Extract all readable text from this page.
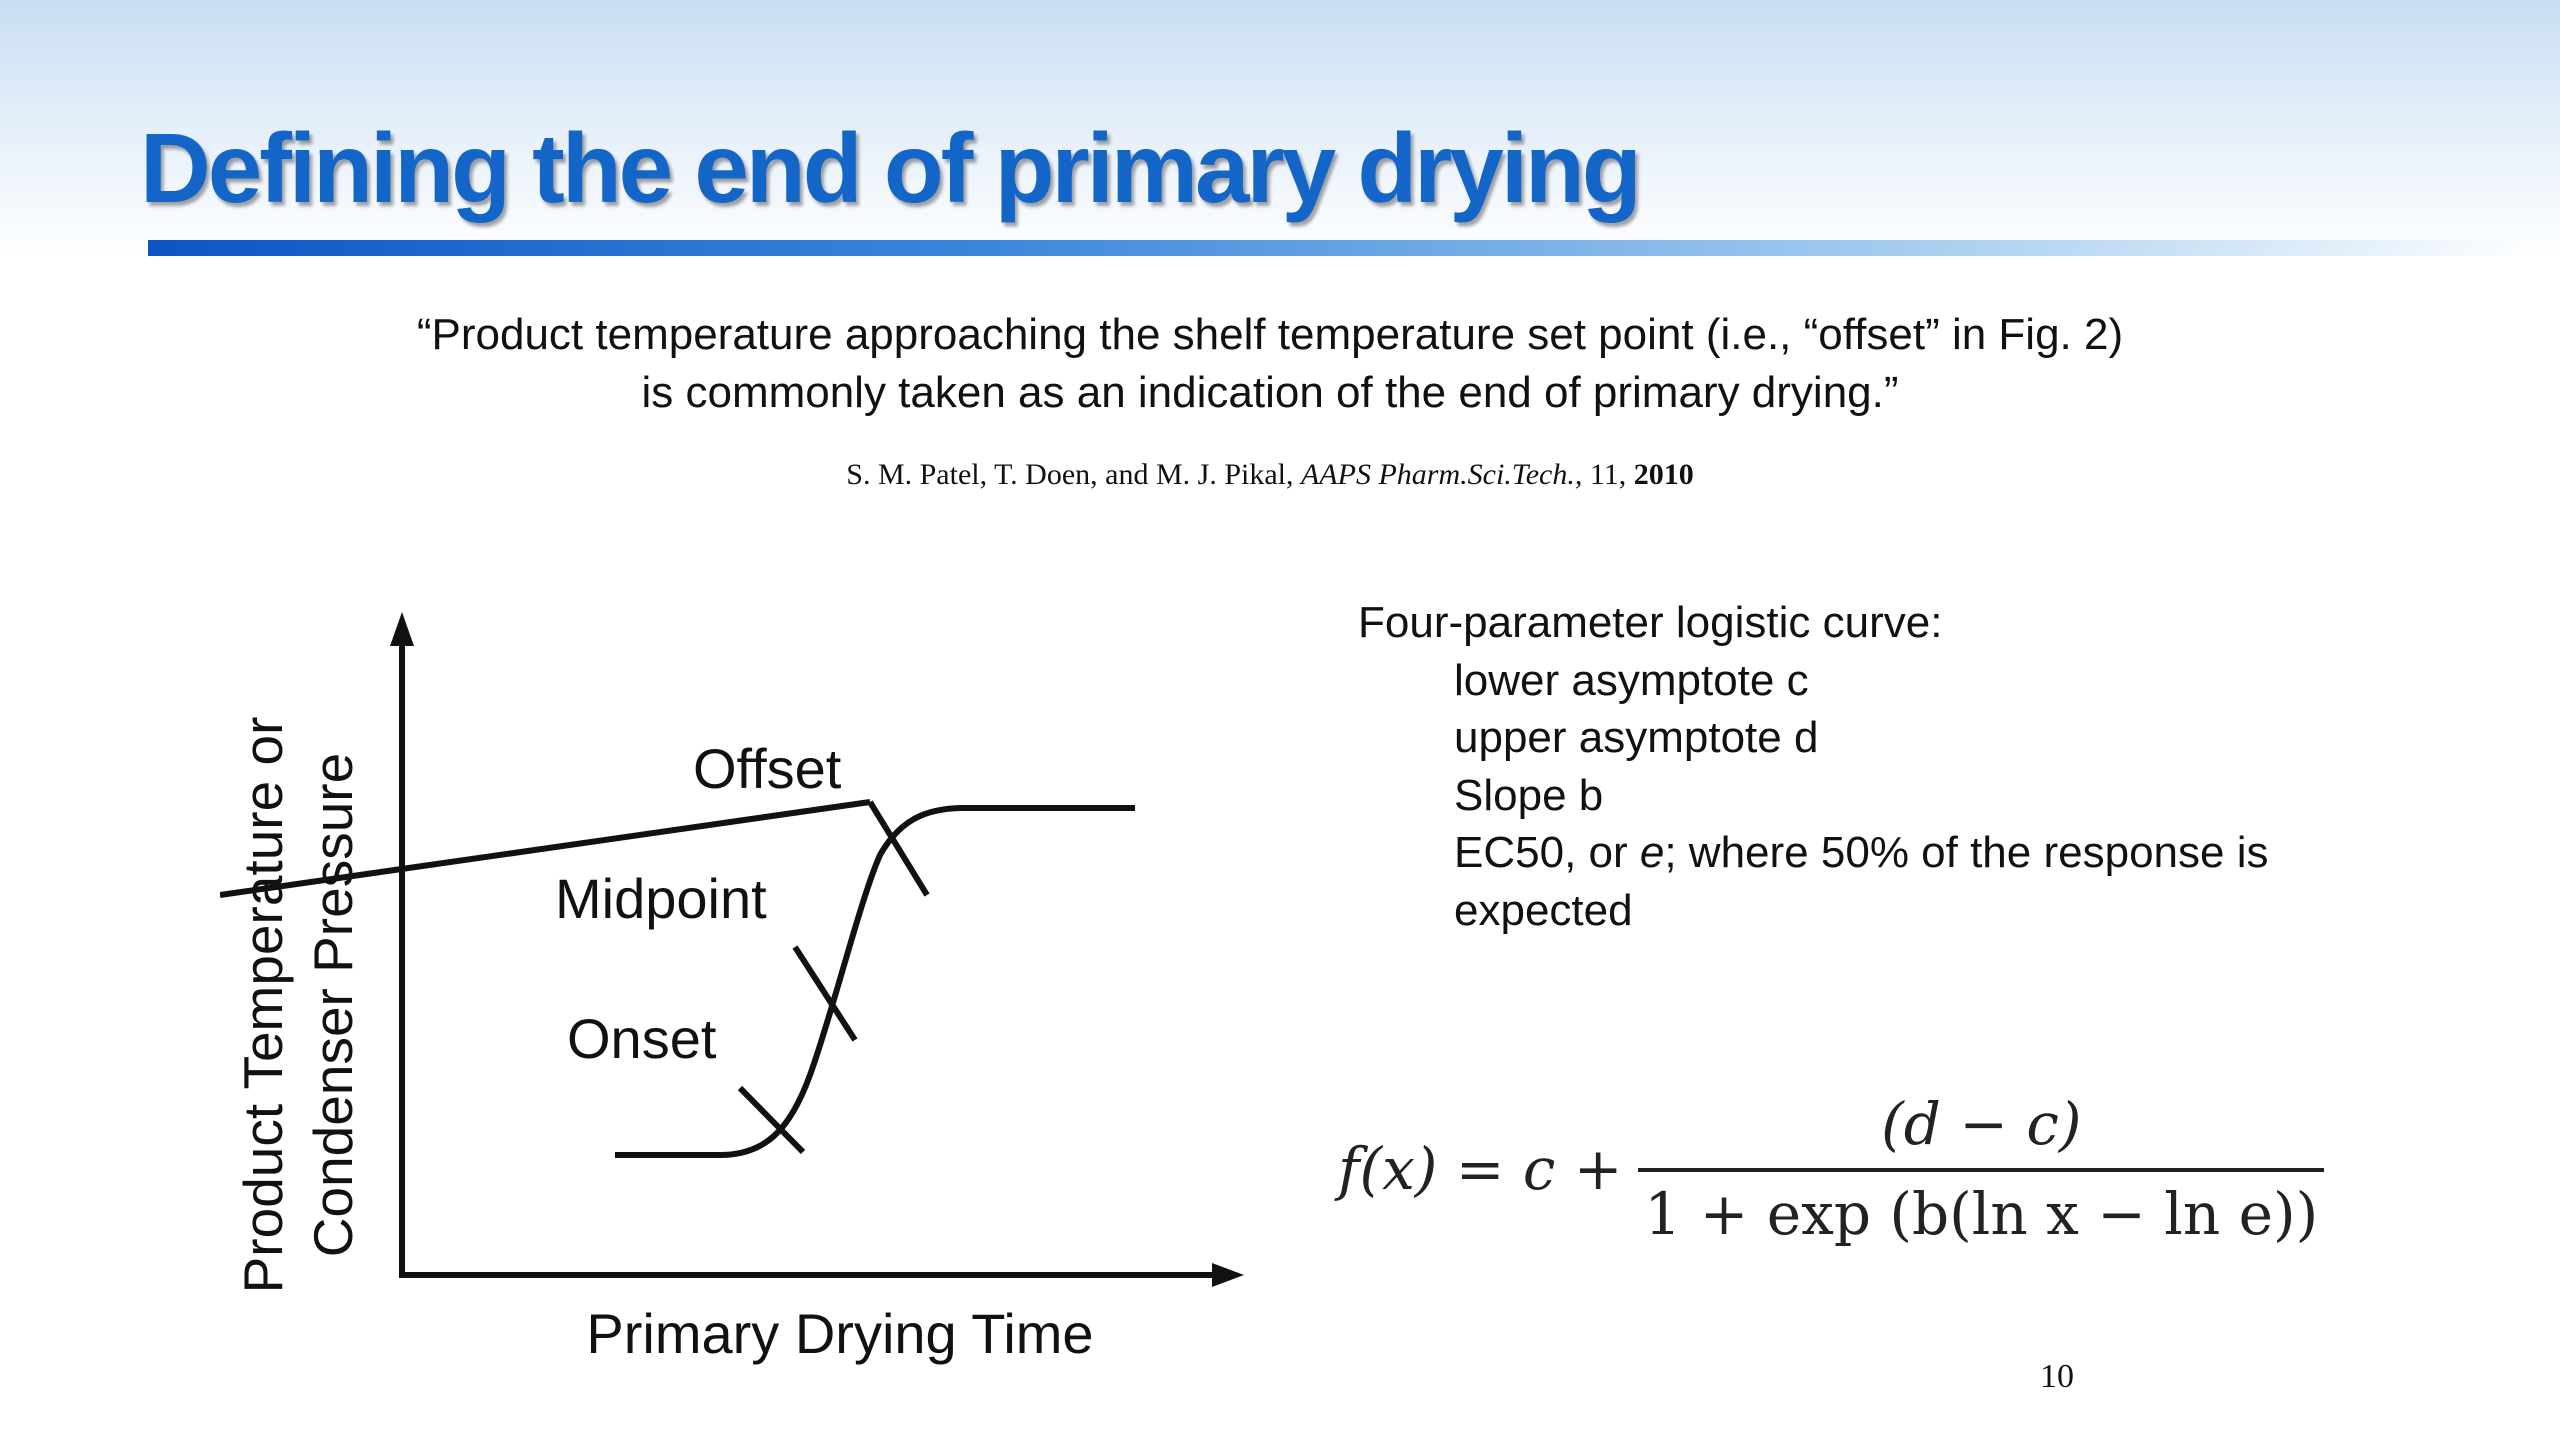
Defining the end of primary drying
“Product temperature approaching the shelf temperature set point (i.e., “offset” in Fig. 2)
is commonly taken as an indication of the end of primary drying.”
S. M. Patel, T. Doen, and M. J. Pikal, AAPS Pharm.Sci.Tech., 11, 2010
Offset
Midpoint
Onset
Product Temperature or Condenser Pressure
Primary Drying Time
Four-parameter logistic curve:
lower asymptote c
upper asymptote d
Slope b
EC50, or e; where 50% of the response is
expected
$f(x) = c + \frac{(d - c)}{\text{1 + exp (b(ln x − ln e))}}$
10
